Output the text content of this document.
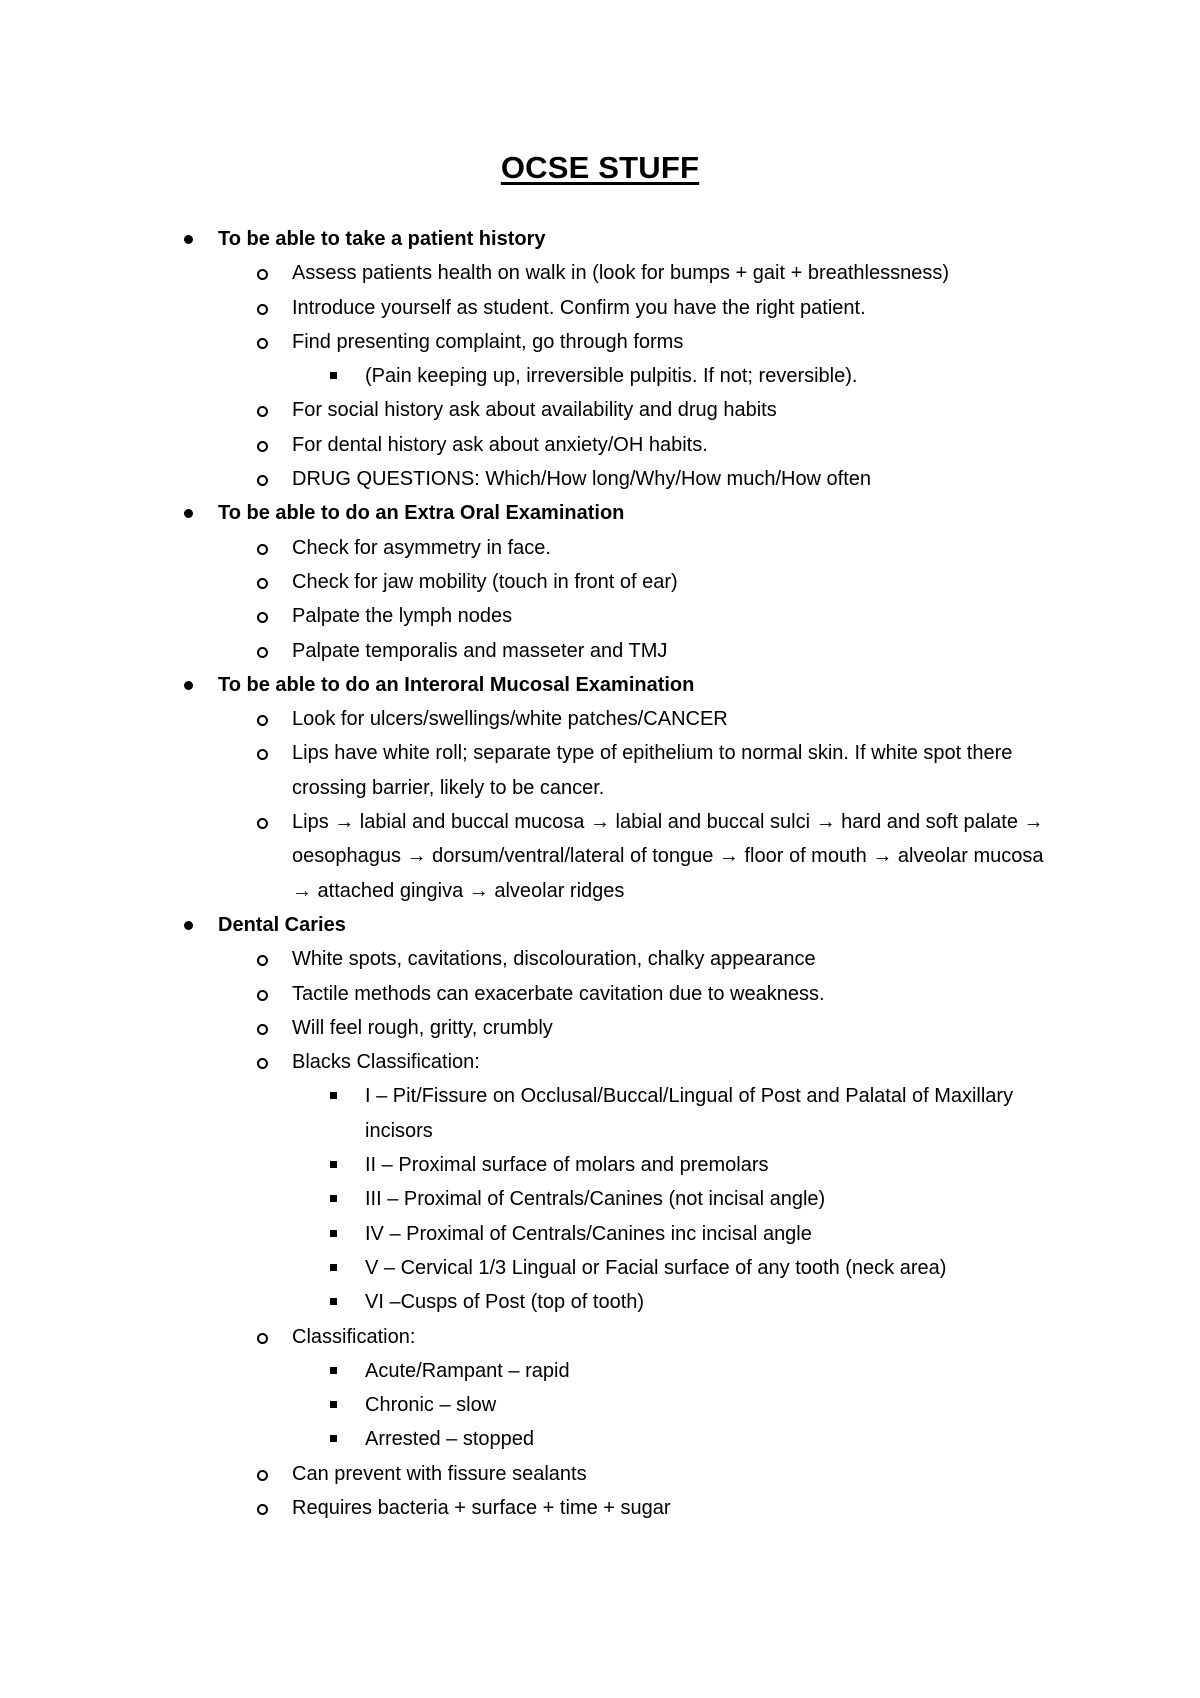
OCSE STUFF
To be able to take a patient history
Assess patients health on walk in (look for bumps + gait + breathlessness)
Introduce yourself as student. Confirm you have the right patient.
Find presenting complaint, go through forms
(Pain keeping up, irreversible pulpitis. If not; reversible).
For social history ask about availability and drug habits
For dental history ask about anxiety/OH habits.
DRUG QUESTIONS: Which/How long/Why/How much/How often
To be able to do an Extra Oral Examination
Check for asymmetry in face.
Check for jaw mobility (touch in front of ear)
Palpate the lymph nodes
Palpate temporalis and masseter and TMJ
To be able to do an Interoral Mucosal Examination
Look for ulcers/swellings/white patches/CANCER
Lips have white roll; separate type of epithelium to normal skin. If white spot there crossing barrier, likely to be cancer.
Lips → labial and buccal mucosa → labial and buccal sulci → hard and soft palate → oesophagus → dorsum/ventral/lateral of tongue → floor of mouth → alveolar mucosa → attached gingiva → alveolar ridges
Dental Caries
White spots, cavitations, discolouration, chalky appearance
Tactile methods can exacerbate cavitation due to weakness.
Will feel rough, gritty, crumbly
Blacks Classification:
I – Pit/Fissure on Occlusal/Buccal/Lingual of Post and Palatal of Maxillary incisors
II – Proximal surface of molars and premolars
III – Proximal of Centrals/Canines (not incisal angle)
IV – Proximal of Centrals/Canines inc incisal angle
V – Cervical 1/3 Lingual or Facial surface of any tooth (neck area)
VI –Cusps of Post (top of tooth)
Classification:
Acute/Rampant – rapid
Chronic – slow
Arrested – stopped
Can prevent with fissure sealants
Requires bacteria + surface + time + sugar
